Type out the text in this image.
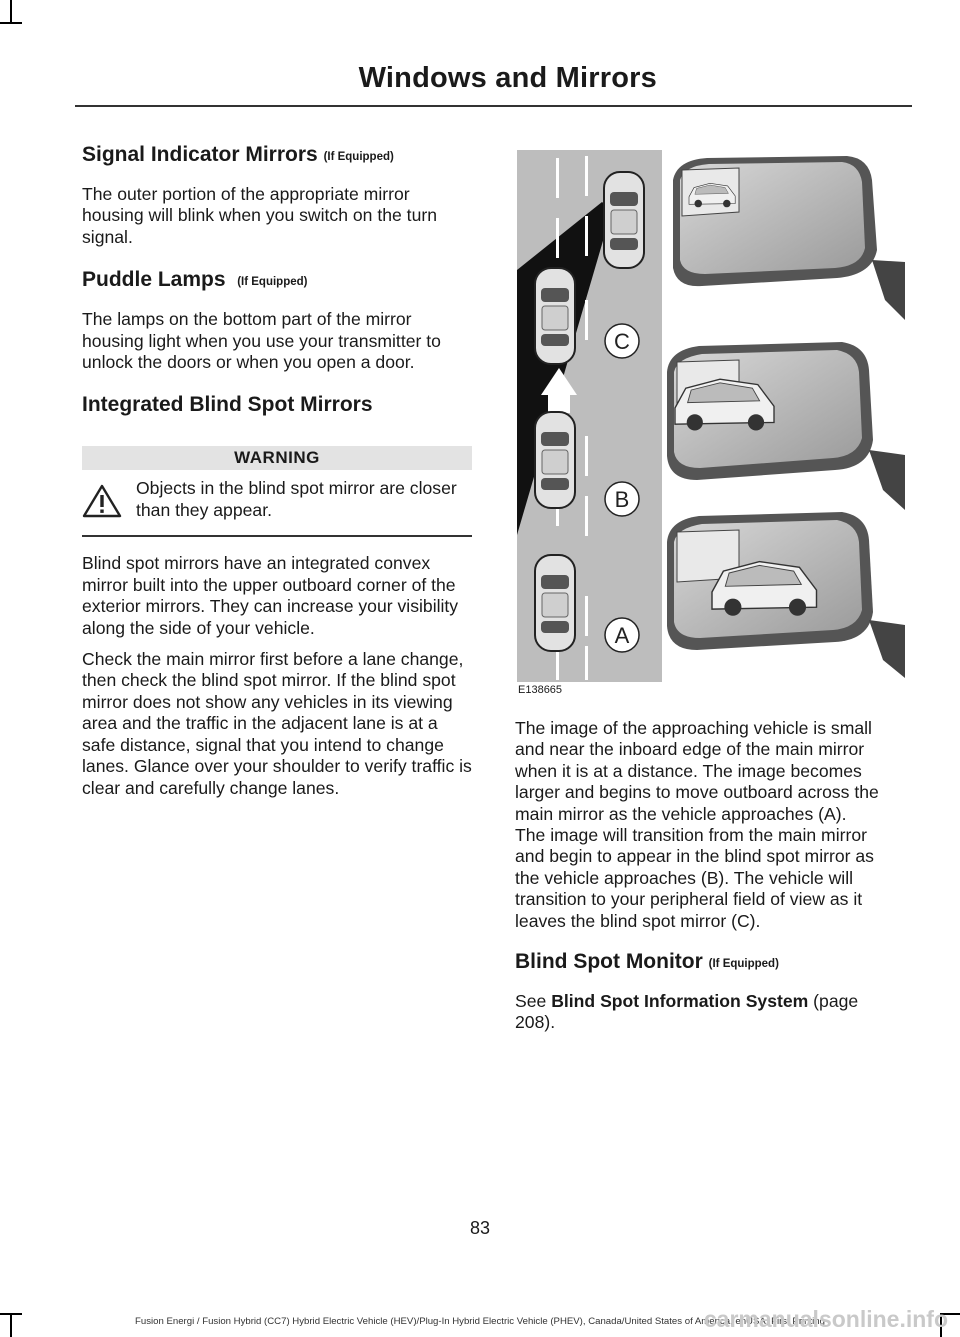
Windows and Mirrors
Signal Indicator Mirrors (If Equipped)

The outer portion of the appropriate mirror housing will blink when you switch on the turn signal.

Puddle Lamps (If Equipped)

The lamps on the bottom part of the mirror housing light when you use your transmitter to unlock the doors or when you open a door.

Integrated Blind Spot Mirrors
WARNING
Objects in the blind spot mirror are closer than they appear.

Blind spot mirrors have an integrated convex mirror built into the upper outboard corner of the exterior mirrors. They can increase your visibility along the side of your vehicle.

Check the main mirror first before a lane change, then check the blind spot mirror. If the blind spot mirror does not show any vehicles in its viewing area and the traffic in the adjacent lane is at a safe distance, signal that you intend to change lanes. Glance over your shoulder to verify traffic is clear and carefully change lanes.

C
B
A
E138665

The image of the approaching vehicle is small and near the inboard edge of the main mirror when it is at a distance. The image becomes larger and begins to move outboard across the main mirror as the vehicle approaches (A). The image will transition from the main mirror and begin to appear in the blind spot mirror as the vehicle approaches (B). The vehicle will transition to your peripheral field of view as it leaves the blind spot mirror (C).

Blind Spot Monitor (If Equipped)

See Blind Spot Information System (page 208).

83
Fusion Energi / Fusion Hybrid (CC7) Hybrid Electric Vehicle (HEV)/Plug-In Hybrid Electric Vehicle (PHEV), Canada/United States of America, enUSA, First Printing
carmanualsonline.info
